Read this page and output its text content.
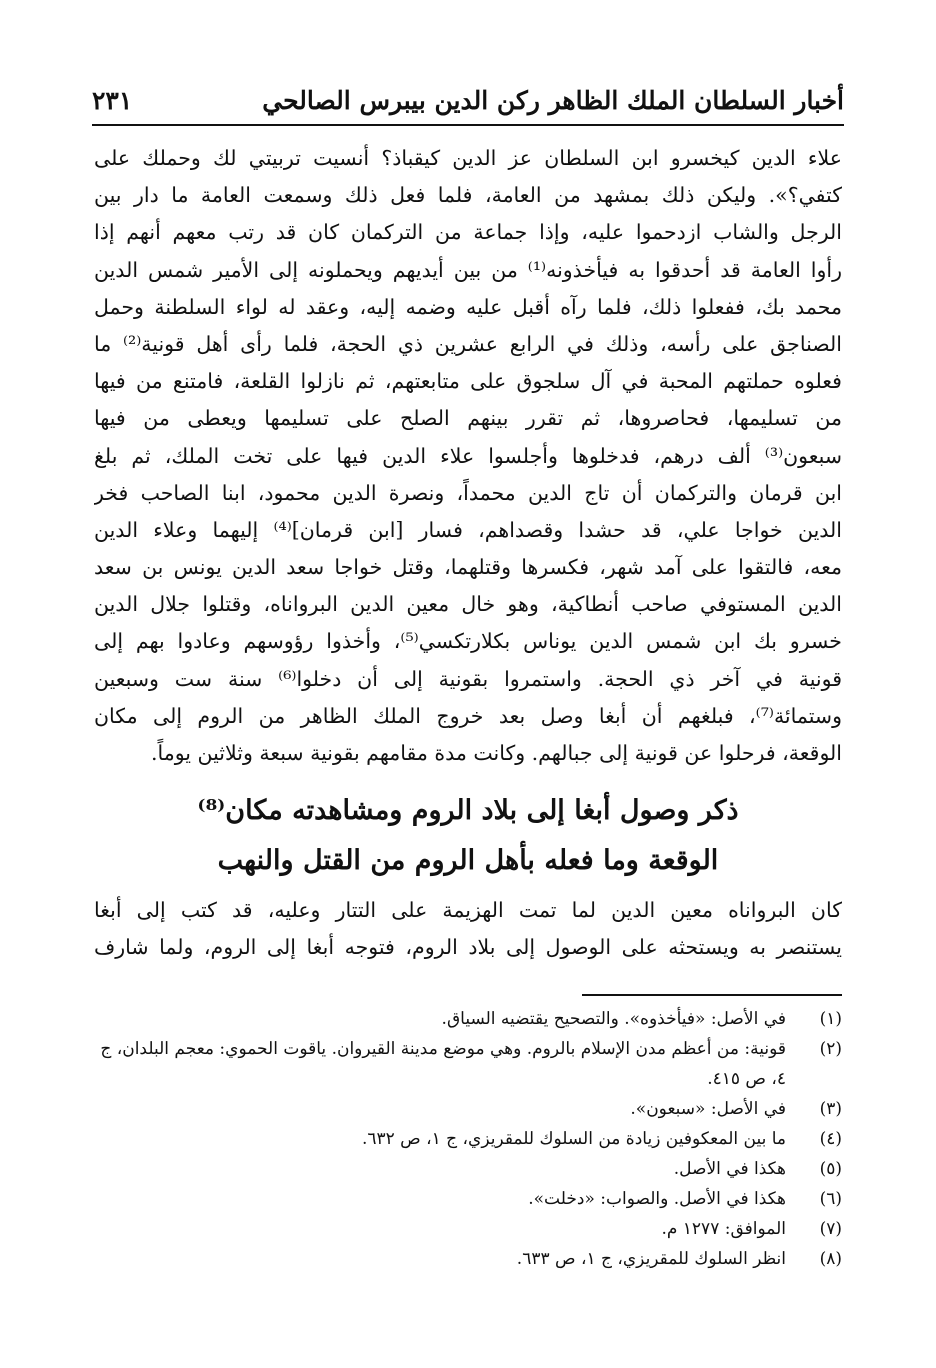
أخبار السلطان الملك الظاهر ركن الدين بيبرس الصالحي
٢٣١
علاء الدين كيخسرو ابن السلطان عز الدين كيقباذ؟ أنسيت تربيتي لك وحملك على
كتفي؟». وليكن ذلك بمشهد من العامة، فلما فعل ذلك وسمعت العامة ما دار بين
الرجل والشاب ازدحموا عليه، وإذا جماعة من التركمان كان قد رتب معهم أنهم إذا
رأوا العامة قد أحدقوا به فيأخذونه⁽¹⁾ من بين أيديهم ويحملونه إلى الأمير شمس الدين
محمد بك، ففعلوا ذلك، فلما رآه أقبل عليه وضمه إليه، وعقد له لواء السلطنة وحمل
الصناجق على رأسه، وذلك في الرابع عشرين ذي الحجة، فلما رأى أهل قونية⁽²⁾ ما
فعلوه حملتهم المحبة في آل سلجوق على متابعتهم، ثم نازلوا القلعة، فامتنع من فيها
من تسليمها، فحاصروها، ثم تقرر بينهم الصلح على تسليمها ويعطى من فيها
سبعون⁽³⁾ ألف درهم، فدخلوها وأجلسوا علاء الدين فيها على تخت الملك، ثم بلغ
ابن قرمان والتركمان أن تاج الدين محمداً، ونصرة الدين محمود، ابنا الصاحب فخر
الدين خواجا علي، قد حشدا وقصداهم، فسار [ابن قرمان]⁽⁴⁾ إليهما وعلاء الدين
معه، فالتقوا على آمد شهر، فكسرها وقتلهما، وقتل خواجا سعد الدين يونس بن سعد
الدين المستوفي صاحب أنطاكية، وهو خال معين الدين البرواناه، وقتلوا جلال الدين
خسرو بك ابن شمس الدين يوناس بكلارتكسي⁽⁵⁾، وأخذوا رؤوسهم وعادوا بهم إلى
قونية في آخر ذي الحجة. واستمروا بقونية إلى أن دخلوا⁽⁶⁾ سنة ست وسبعين
وستمائة⁽⁷⁾، فبلغهم أن أبغا وصل بعد خروج الملك الظاهر من الروم إلى مكان
الوقعة، فرحلوا عن قونية إلى جبالهم. وكانت مدة مقامهم بقونية سبعة وثلاثين يوماً.
ذكر وصول أبغا إلى بلاد الروم ومشاهدته مكان⁽⁸⁾
الوقعة وما فعله بأهل الروم من القتل والنهب
كان البرواناه معين الدين لما تمت الهزيمة على التتار وعليه، قد كتب إلى أبغا
يستنصر به ويستحثه على الوصول إلى بلاد الروم، فتوجه أبغا إلى الروم، ولما شارف
(١)
في الأصل: «فيأخذوه». والتصحيح يقتضيه السياق.
(٢)
قونية: من أعظم مدن الإسلام بالروم. وهي موضع مدينة القيروان. ياقوت الحموي: معجم البلدان، ج ٤، ص ٤١٥.
(٣)
في الأصل: «سبعون».
(٤)
ما بين المعكوفين زيادة من السلوك للمقريزي، ج ١، ص ٦٣٢.
(٥)
هكذا في الأصل.
(٦)
هكذا في الأصل. والصواب: «دخلت».
(٧)
الموافق: ١٢٧٧ م.
(٨)
انظر السلوك للمقريزي، ج ١، ص ٦٣٣.
